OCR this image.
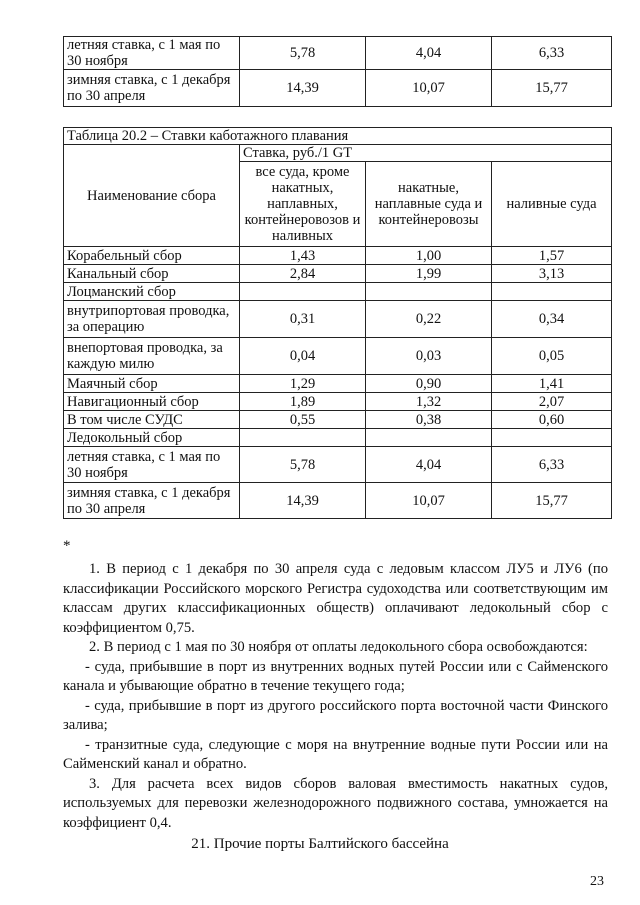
летняя ставка, с 1 мая по 30 ноября	5,78	4,04	6,33
зимняя ставка, с 1 декабря по 30 апреля	14,39	10,07	15,77
Таблица 20.2 – Ставки каботажного плавания			
Наименование сбора	Ставка, руб./1 GT		
	все суда, кроме накатных, наплавных, контейнеровозов и наливных	накатные, наплавные суда и контейнеровозы	наливные суда
Корабельный сбор	1,43	1,00	1,57
Канальный сбор	2,84	1,99	3,13
Лоцманский сбор			
внутрипортовая проводка, за операцию	0,31	0,22	0,34
внепортовая проводка, за каждую милю	0,04	0,03	0,05
Маячный сбор	1,29	0,90	1,41
Навигационный сбор	1,89	1,32	2,07
В том числе СУДС	0,55	0,38	0,60
Ледокольный сбор			
летняя ставка, с 1 мая по 30 ноября	5,78	4,04	6,33
зимняя ставка, с 1 декабря по 30 апреля	14,39	10,07	15,77
*

1. В период с 1 декабря по 30 апреля суда с ледовым классом ЛУ5 и ЛУ6 (по классификации Российского морского Регистра судоходства или соответствующим им классам других классификационных обществ) оплачивают ледокольный сбор с коэффициентом 0,75.

2. В период с 1 мая по 30 ноября от оплаты ледокольного сбора освобождаются:

- суда, прибывшие в порт из внутренних водных путей России или с Сайменского канала и убывающие обратно в течение текущего года;

- суда, прибывшие в порт из другого российского порта восточной части Финского залива;

- транзитные суда, следующие с моря на внутренние водные пути России или на Сайменский канал и обратно.

3. Для расчета всех видов сборов валовая вместимость накатных судов, используемых для перевозки железнодорожного подвижного состава, умножается на коэффициент 0,4.

21. Прочие порты Балтийского бассейна
23
